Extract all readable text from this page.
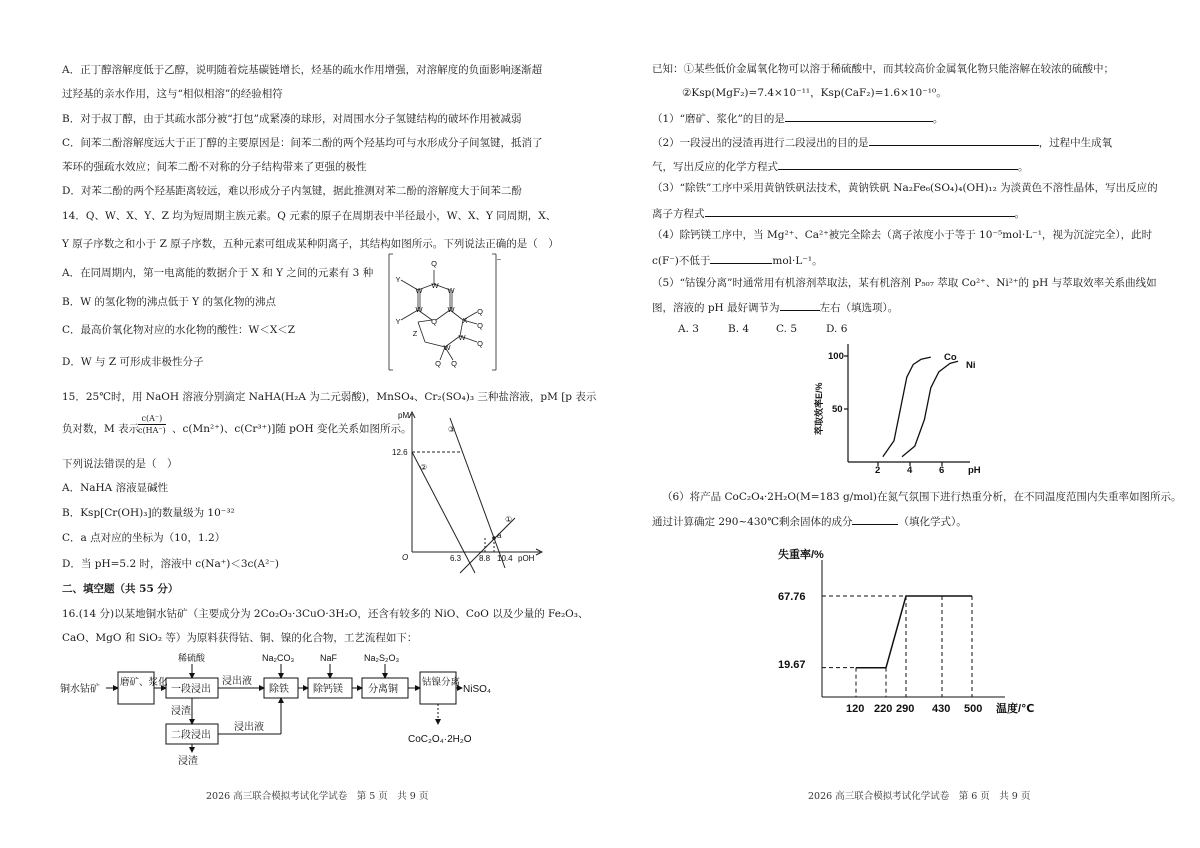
A．正丁醇溶解度低于乙醇，说明随着烷基碳链增长，烃基的疏水作用增强，对溶解度的负面影响逐渐超
过羟基的亲水作用，这与“相似相溶”的经验相符
B．对于叔丁醇，由于其疏水部分被“打包”成紧凑的球形，对周围水分子氢键结构的破坏作用被减弱
C．间苯二酚溶解度远大于正丁醇的主要原因是：间苯二酚的两个羟基均可与水形成分子间氢键，抵消了
苯环的强疏水效应；间苯二酚不对称的分子结构带来了更强的极性
D．对苯二酚的两个羟基距离较远，难以形成分子内氢键，据此推测对苯二酚的溶解度大于间苯二酚
14．Q、W、X、Y、Z 均为短周期主族元素。Q 元素的原子在周期表中半径最小，W、X、Y 同周期，X、
Y 原子序数之和小于 Z 原子序数，五种元素可组成某种阴离子，其结构如图所示。下列说法正确的是（　）
A．在同周期内，第一电离能的数据介于 X 和 Y 之间的元素有 3 种
B．W 的氢化物的沸点低于 Y 的氢化物的沸点
C．最高价氧化物对应的水化物的酸性：W＜X＜Z
D．W 与 Z 可形成非极性分子
Q
W
W
W
Y
Y
W	W
Q	X
Q
Q
Z	W
Q
W
Q Q
−
15．25℃时，用 NaOH 溶液分别滴定 NaHA(H₂A 为二元弱酸)，MnSO₄、Cr₂(SO₄)₃ 三种盐溶液，pM [p 表示
负对数，M 表示
$\frac{c(A^-)}{c(HA^-)}$ 、c(Mn²⁺)、c(Cr³⁺)]随 pOH 变化关系如图所示。
下列说法错误的是（　）
A．NaHA 溶液显碱性
B．Ksp[Cr(OH)₃]的数量级为 10⁻³²
C．a 点对应的坐标为（10，1.2）
D．当 pH=5.2 时，溶液中 c(Na⁺)＜3c(A²⁻)
pM
pOH
O
12.6
6.3 8.8 10.4
①
②
③
a
二、填空题（共 55 分）
16.(14 分)以某地铜水钴矿（主要成分为 2Co₂O₃·3CuO·3H₂O，还含有较多的 NiO、CoO 以及少量的 Fe₂O₃、
CaO、MgO 和 SiO₂ 等）为原料获得钴、铜、镍的化合物，工艺流程如下：
铜水钴矿
磨矿、浆化
一段浸出	除铁 除钙镁	分离铜
钴镍分离
二段浸出
稀硫酸	Na₂CO₃	NaF	Na₂S₂O₃
浸出液
浸渣
浸出液
浸渣
NiSO₄
CoC₂O₄·2H₂O
2026 高三联合模拟考试化学试卷　第 5 页　共 9 页
已知：①某些低价金属氧化物可以溶于稀硫酸中，而其较高价金属氧化物只能溶解在较浓的硫酸中；
②Ksp(MgF₂)=7.4×10⁻¹¹，Ksp(CaF₂)=1.6×10⁻¹⁰。
（1）“磨矿、浆化”的目的是	。
（2）一段浸出的浸渣再进行二段浸出的目的是	，过程中生成氧
气，写出反应的化学方程式	。
（3）“除铁”工序中采用黄钠铁矾法技术，黄钠铁矾 Na₂Fe₆(SO₄)₄(OH)₁₂ 为淡黄色不溶性晶体，写出反应的
离子方程式	。
（4）除钙镁工序中，当 Mg²⁺、Ca²⁺被完全除去（离子浓度小于等于 10⁻⁵mol·L⁻¹，视为沉淀完全），此时
c(F⁻)不低于	mol·L⁻¹。
（5）“钴镍分离”时通常用有机溶剂萃取法，某有机溶剂 P₅₀₇ 萃取 Co²⁺、Ni²⁺的 pH 与萃取效率关系曲线如
图，溶液的 pH 最好调节为	左右（填选项）。
A. 3	B. 4	C. 5	D. 6
100
50
2	4	6 pH
Co
Ni
萃取效率E/%
（6）将产品 CoC₂O₄·2H₂O(M=183 g/mol)在氮气氛围下进行热重分析，在不同温度范围内失重率如图所示。
通过计算确定 290~430℃剩余固体的成分	（填化学式）。
失重率/%
67.76
19.67
120 220 290 430 500 温度/℃
2026 高三联合模拟考试化学试卷　第 6 页　共 9 页
